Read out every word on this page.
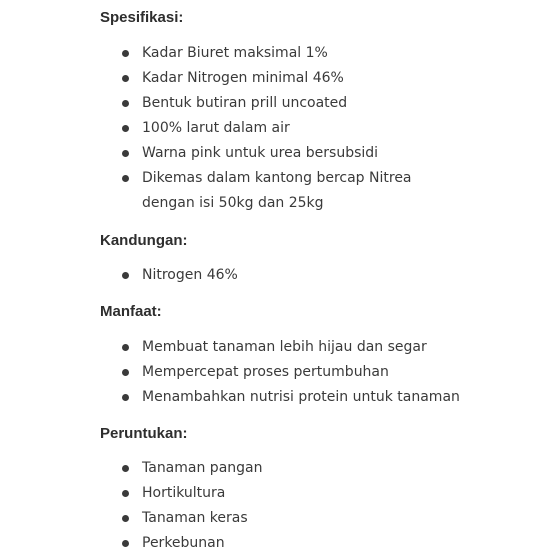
Spesifikasi:
Kadar Biuret maksimal 1%
Kadar Nitrogen minimal 46%
Bentuk butiran prill uncoated
100% larut dalam air
Warna pink untuk urea bersubsidi
Dikemas dalam kantong bercap Nitrea dengan isi 50kg dan 25kg
Kandungan:
Nitrogen 46%
Manfaat:
Membuat tanaman lebih hijau dan segar
Mempercepat proses pertumbuhan
Menambahkan nutrisi protein untuk tanaman
Peruntukan:
Tanaman pangan
Hortikultura
Tanaman keras
Perkebunan
